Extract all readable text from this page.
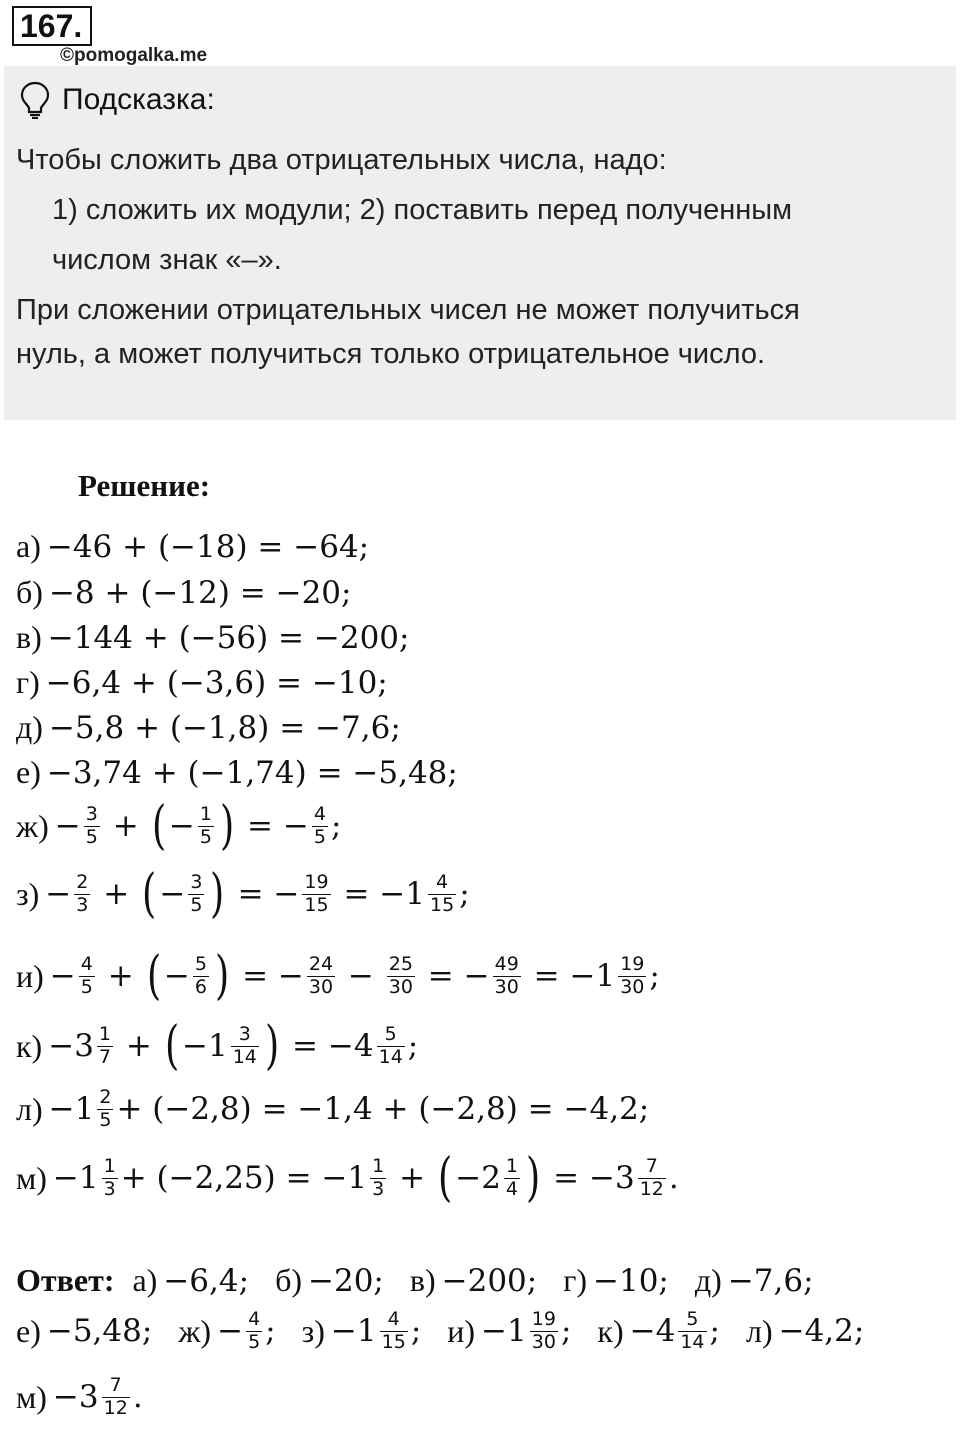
167.
©pomogalka.me
Подсказка:
Чтобы сложить два отрицательных числа, надо:
1) сложить их модули; 2) поставить перед полученным
числом знак «–».
При сложении отрицательных чисел не может получиться
нуль, а может получиться только отрицательное число.
Решение:
а) −46 + (−18) = −64;
б) −8 + (−12) = −20;
в) −144 + (−56) = −200;
г) −6,4 + (−3,6) = −10;
д) −5,8 + (−1,8) = −7,6;
е) −3,74 + (−1,74) = −5,48;
$ж) - \frac{3}{5}$ + ( − $\frac{1}{5}$ ) = − $\frac{4}{5}$ ;
$з) - \frac{2}{3}$ + ( − $\frac{3}{5}$ ) = − $\frac{19}{15}$ = − $1 \frac{4}{15}$ ;
$и) - \frac{4}{5}$ + ( − $\frac{5}{6}$ ) = − $\frac{24}{30} - \frac{25}{30}$ = − $\frac{49}{30}$ = − $1 \frac{19}{30}$ ;
$к) - 3 \frac{1}{7}$ + ( − $1 \frac{3}{14}$ ) = − $4 \frac{5}{14}$ ;
$л) - 1 \frac{2}{5} + (-2,8) = -1,4 + (-2,8) = -4,2$;
$м) - 1 \frac{1}{3} + (-2,25) = -1 \frac{1}{3}$ + ( − $2 \frac{1}{4}$ ) = − $3 \frac{7}{12}$ .
Ответ: а) −6,4; б) −20; в) −200; г) −10; д) −7,6;
е) −5,48; $ж) - \frac{4}{5}$ ; $з) - 1 \frac{4}{15}$ ; $и) - 1 \frac{19}{30}$ ; $к) - 4 \frac{5}{14}$ ; л) −4,2;
$м) - 3 \frac{7}{12}$ .
